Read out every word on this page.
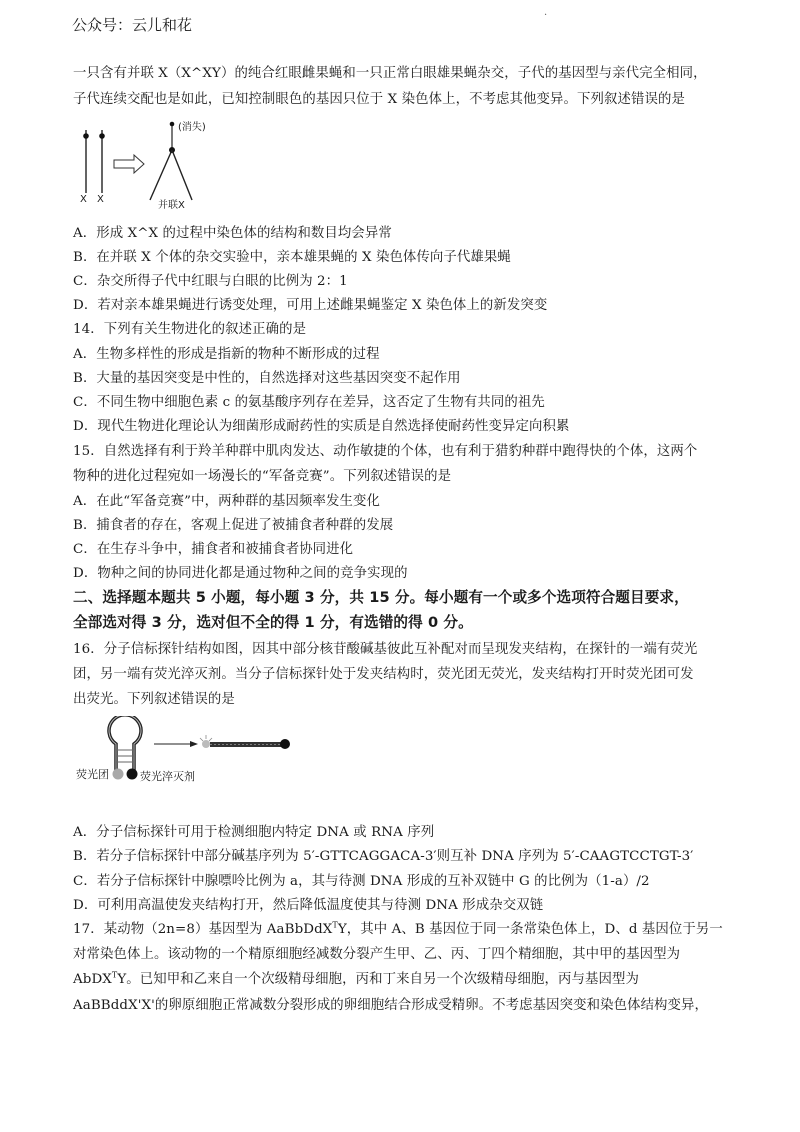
公众号：云儿和花
·
一只含有并联 X（X^XY）的纯合红眼雌果蝇和一只正常白眼雄果蝇杂交，子代的基因型与亲代完全相同，
子代连续交配也是如此，已知控制眼色的基因只位于 X 染色体上，不考虑其他变异。下列叙述错误的是
X X
(消失)
并联X
A．形成 X^X 的过程中染色体的结构和数目均会异常
B．在并联 X 个体的杂交实验中，亲本雄果蝇的 X 染色体传向子代雄果蝇
C．杂交所得子代中红眼与白眼的比例为 2：1
D．若对亲本雄果蝇进行诱变处理，可用上述雌果蝇鉴定 X 染色体上的新发突变
14．下列有关生物进化的叙述正确的是
A．生物多样性的形成是指新的物种不断形成的过程
B．大量的基因突变是中性的，自然选择对这些基因突变不起作用
C．不同生物中细胞色素 c 的氨基酸序列存在差异，这否定了生物有共同的祖先
D．现代生物进化理论认为细菌形成耐药性的实质是自然选择使耐药性变异定向积累
15．自然选择有利于羚羊种群中肌肉发达、动作敏捷的个体，也有利于猎豹种群中跑得快的个体，这两个
物种的进化过程宛如一场漫长的“军备竞赛”。下列叙述错误的是
A．在此“军备竞赛”中，两种群的基因频率发生变化
B．捕食者的存在，客观上促进了被捕食者种群的发展
C．在生存斗争中，捕食者和被捕食者协同进化
D．物种之间的协同进化都是通过物种之间的竞争实现的
二、选择题本题共 5 小题，每小题 3 分，共 15 分。每小题有一个或多个选项符合题目要求，
全部选对得 3 分，选对但不全的得 1 分，有选错的得 0 分。
16．分子信标探针结构如图，因其中部分核苷酸碱基彼此互补配对而呈现发夹结构，在探针的一端有荧光
团，另一端有荧光淬灭剂。当分子信标探针处于发夹结构时，荧光团无荧光，发夹结构打开时荧光团可发
出荧光。下列叙述错误的是
荧光团	荧光淬灭剂
A．分子信标探针可用于检测细胞内特定 DNA 或 RNA 序列
B．若分子信标探针中部分碱基序列为 5′-GTTCAGGACA-3′则互补 DNA 序列为 5′-CAAGTCCTGT-3′
C．若分子信标探针中腺嘌呤比例为 a，其与待测 DNA 形成的互补双链中 G 的比例为（1-a）/2
D．可利用高温使发夹结构打开，然后降低温度使其与待测 DNA 形成杂交双链
17．某动物（2n=8）基因型为 AaBbDdX$^T$Y，其中 A、B 基因位于同一条常染色体上，D、d 基因位于另一
对常染色体上。该动物的一个精原细胞经减数分裂产生甲、乙、丙、丁四个精细胞，其中甲的基因型为
AbDX$^T$Y。已知甲和乙来自一个次级精母细胞，丙和丁来自另一个次级精母细胞，丙与基因型为
AaBBddX'X'的卵原细胞正常减数分裂形成的卵细胞结合形成受精卵。不考虑基因突变和染色体结构变异，
